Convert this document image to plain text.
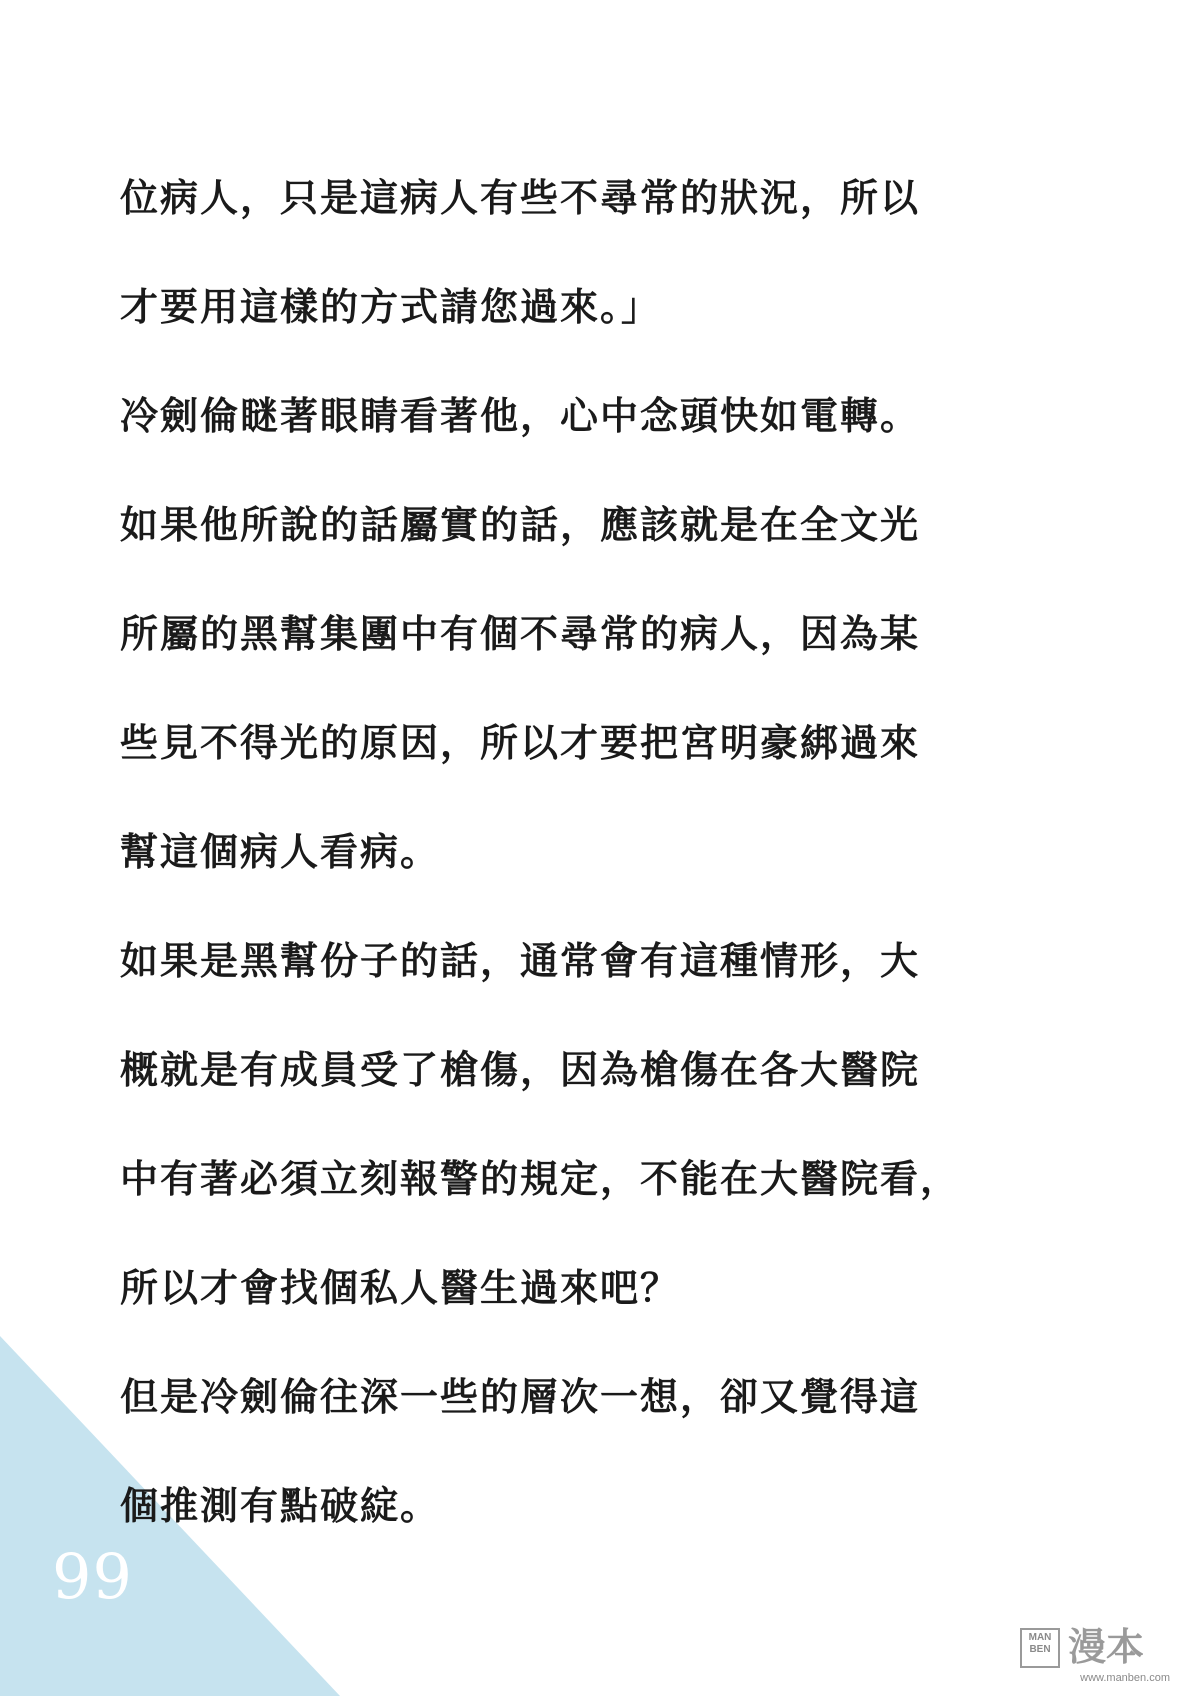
位病人，只是這病人有些不尋常的狀況，所以
才要用這樣的方式請您過來。」
冷劍倫瞇著眼睛看著他，心中念頭快如電轉。
如果他所說的話屬實的話，應該就是在全文光
所屬的黑幫集團中有個不尋常的病人，因為某
些見不得光的原因，所以才要把宮明豪綁過來
幫這個病人看病。
如果是黑幫份子的話，通常會有這種情形，大
概就是有成員受了槍傷，因為槍傷在各大醫院
中有著必須立刻報警的規定，不能在大醫院看，
所以才會找個私人醫生過來吧？
但是冷劍倫往深一些的層次一想，卻又覺得這
個推測有點破綻。
99
MAN
BEN 漫本
www.manben.com
